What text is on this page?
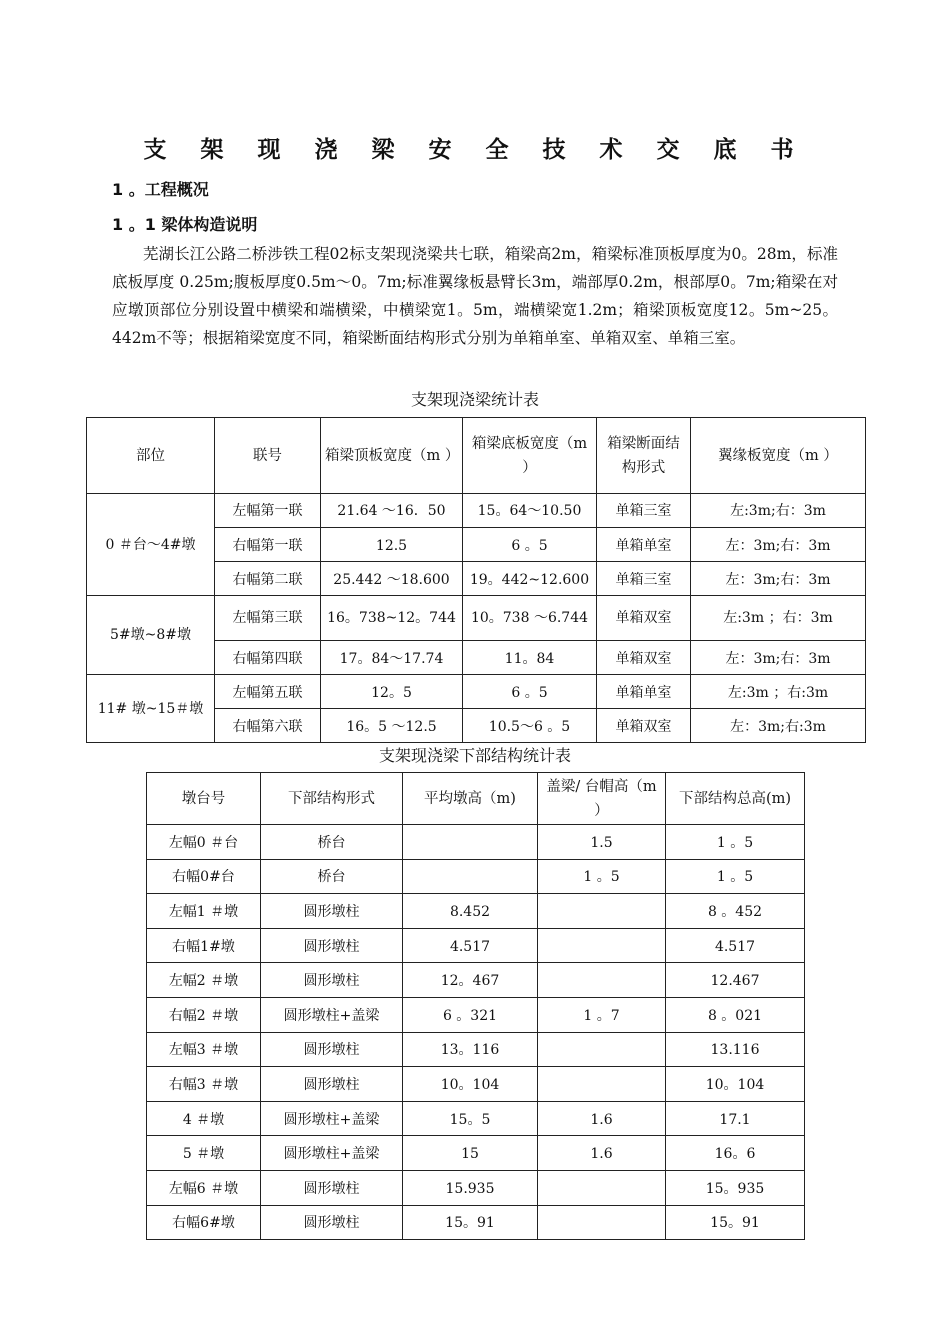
支 架 现 浇 梁 安 全 技 术 交 底 书
1 。工程概况
1 。1 梁体构造说明

芜湖长江公路二桥涉铁工程02标支架现浇梁共七联，箱梁高2m，箱梁标准顶板厚度为0。28m，标准底板厚度 0.25m;腹板厚度0.5m～0。7m;标准翼缘板悬臂长3m，端部厚0.2m，根部厚0。7m;箱梁在对应墩顶部位分别设置中横梁和端横梁，中横梁宽1。5m，端横梁宽1.2m；箱梁顶板宽度12。5m~25。442m不等；根据箱梁宽度不同，箱梁断面结构形式分别为单箱单室、单箱双室、单箱三室。

支架现浇梁统计表
部位	联号	箱梁顶板宽度（m ）	箱梁底板宽度（m ）	箱梁断面结构形式	翼缘板宽度（m ）
0 ＃台～4#墩	左幅第一联	21.64 ～16．50	15。64～10.50	单箱三室	左:3m;右：3m

	右幅第一联	12.5	6 。5	单箱单室	左：3m;右：3m

	右幅第二联	25.442 ～18.600	19。442~12.600	单箱三室	左：3m;右：3m

5#墩~8#墩	左幅第三联	16。738~12。744	10。738 ～6.744	单箱双室	左:3m ；右：3m

	右幅第四联	17。84～17.74	11。84	单箱双室	左：3m;右：3m

11# 墩~15＃墩	左幅第五联	12。5	6 。5	单箱单室	左:3m ；右:3m

	右幅第六联	16。5 ～12.5	10.5～6 。5	单箱双室	左：3m;右:3m
支架现浇梁下部结构统计表
墩台号	下部结构形式	平均墩高（m)	盖梁/ 台帽高（m ）	下部结构总高(m)

左幅0 ＃台	桥台		1.5	1 。5

右幅0#台	桥台		1 。5	1 。5

左幅1 ＃墩	圆形墩柱	8.452		8 。452

右幅1#墩	圆形墩柱	4.517		4.517

左幅2 ＃墩	圆形墩柱	12。467		12.467

右幅2 ＃墩	圆形墩柱+盖梁	6 。321	1 。7	8 。021

左幅3 ＃墩	圆形墩柱	13。116		13.116

右幅3 ＃墩	圆形墩柱	10。104		10。104

4 ＃墩	圆形墩柱+盖梁	15。5	1.6	17.1

5 ＃墩	圆形墩柱+盖梁	15	1.6	16。6

左幅6 ＃墩	圆形墩柱	15.935		15。935

右幅6#墩	圆形墩柱	15。91		15。91
